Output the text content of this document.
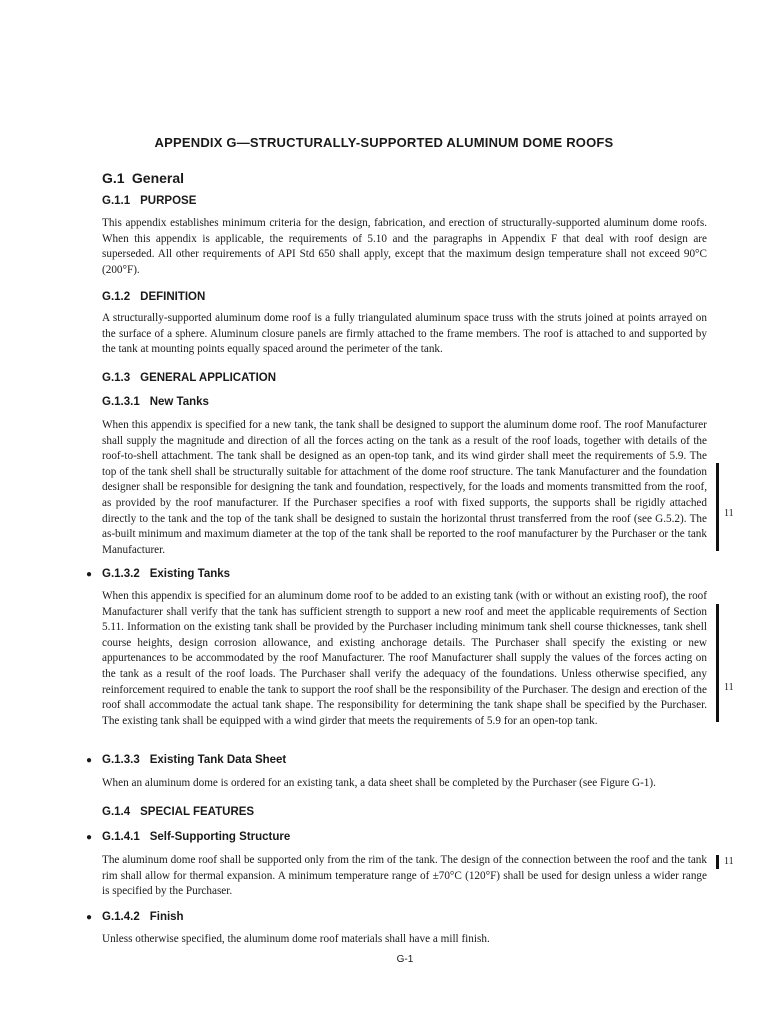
APPENDIX G—STRUCTURALLY-SUPPORTED ALUMINUM DOME ROOFS
G.1 General
G.1.1 PURPOSE

This appendix establishes minimum criteria for the design, fabrication, and erection of structurally-supported aluminum dome roofs. When this appendix is applicable, the requirements of 5.10 and the paragraphs in Appendix F that deal with roof design are superseded. All other requirements of API Std 650 shall apply, except that the maximum design temperature shall not exceed 90°C (200°F).

G.1.2 DEFINITION

A structurally-supported aluminum dome roof is a fully triangulated aluminum space truss with the struts joined at points arrayed on the surface of a sphere. Aluminum closure panels are firmly attached to the frame members. The roof is attached to and supported by the tank at mounting points equally spaced around the perimeter of the tank.

G.1.3 GENERAL APPLICATION
G.1.3.1 New Tanks

When this appendix is specified for a new tank, the tank shall be designed to support the aluminum dome roof. The roof Manufacturer shall supply the magnitude and direction of all the forces acting on the tank as a result of the roof loads, together with details of the roof-to-shell attachment. The tank shall be designed as an open-top tank, and its wind girder shall meet the requirements of 5.9. The top of the tank shell shall be structurally suitable for attachment of the dome roof structure. The tank Manufacturer and the foundation designer shall be responsible for designing the tank and foundation, respectively, for the loads and moments transmitted from the roof, as provided by the roof manufacturer. If the Purchaser specifies a roof with fixed supports, the supports shall be rigidly attached directly to the tank and the top of the tank shall be designed to sustain the horizontal thrust transferred from the roof (see G.5.2). The as-built minimum and maximum diameter at the top of the tank shall be reported to the roof manufacturer by the Purchaser or the tank Manufacturer.

11
● G.1.3.2 Existing Tanks

When this appendix is specified for an aluminum dome roof to be added to an existing tank (with or without an existing roof), the roof Manufacturer shall verify that the tank has sufficient strength to support a new roof and meet the applicable requirements of Section 5.11. Information on the existing tank shall be provided by the Purchaser including minimum tank shell course thicknesses, tank shell course heights, design corrosion allowance, and existing anchorage details. The Purchaser shall specify the existing or new appurtenances to be accommodated by the roof Manufacturer. The roof Manufacturer shall supply the values of the forces acting on the tank as a result of the roof loads. The Purchaser shall verify the adequacy of the foundations. Unless otherwise specified, any reinforcement required to enable the tank to support the roof shall be the responsibility of the Purchaser. The design and erection of the roof shall accommodate the actual tank shape. The responsibility for determining the tank shape shall be specified by the Purchaser. The existing tank shall be equipped with a wind girder that meets the requirements of 5.9 for an open-top tank.

11
● G.1.3.3 Existing Tank Data Sheet

When an aluminum dome is ordered for an existing tank, a data sheet shall be completed by the Purchaser (see Figure G-1).

G.1.4 SPECIAL FEATURES
● G.1.4.1 Self-Supporting Structure

The aluminum dome roof shall be supported only from the rim of the tank. The design of the connection between the roof and the tank rim shall allow for thermal expansion. A minimum temperature range of ±70°C (120°F) shall be used for design unless a wider range is specified by the Purchaser.

11
● G.1.4.2 Finish

Unless otherwise specified, the aluminum dome roof materials shall have a mill finish.

G-1
